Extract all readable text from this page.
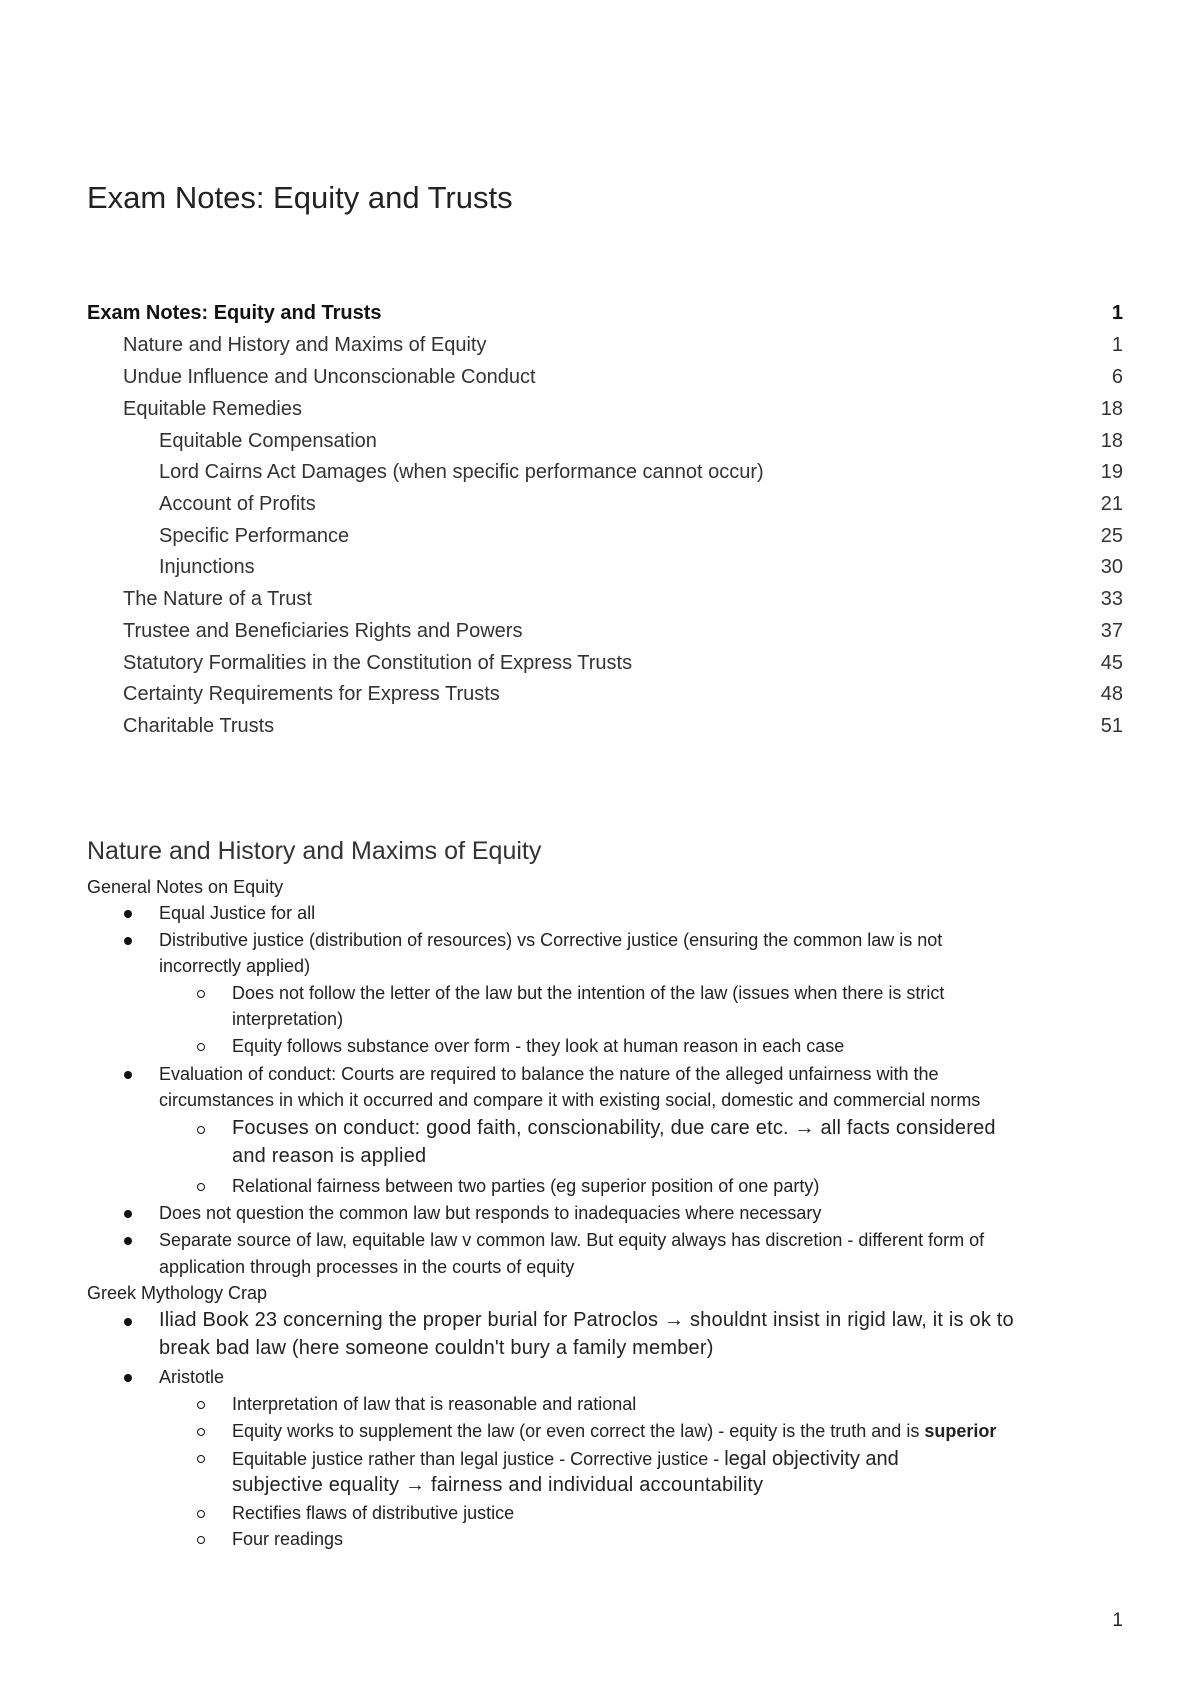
Exam Notes: Equity and Trusts
Exam Notes: Equity and Trusts	1
Nature and History and Maxims of Equity	1
Undue Influence and Unconscionable Conduct	6
Equitable Remedies	18
Equitable Compensation	18
Lord Cairns Act Damages (when specific performance cannot occur)	19
Account of Profits	21
Specific Performance	25
Injunctions	30
The Nature of a Trust	33
Trustee and Beneficiaries Rights and Powers	37
Statutory Formalities in the Constitution of Express Trusts	45
Certainty Requirements for Express Trusts	48
Charitable Trusts	51
Nature and History and Maxims of Equity
General Notes on Equity
Equal Justice for all
Distributive justice (distribution of resources) vs Corrective justice (ensuring the common law is not
incorrectly applied)
Does not follow the letter of the law but the intention of the law (issues when there is strict
interpretation)
Equity follows substance over form - they look at human reason in each case
Evaluation of conduct: Courts are required to balance the nature of the alleged unfairness with the
circumstances in which it occurred and compare it with existing social, domestic and commercial norms
Focuses on conduct: good faith, conscionability, due care etc. → all facts considered
and reason is applied
Relational fairness between two parties (eg superior position of one party)
Does not question the common law but responds to inadequacies where necessary
Separate source of law, equitable law v common law. But equity always has discretion - different form of
application through processes in the courts of equity
Greek Mythology Crap
Iliad Book 23 concerning the proper burial for Patroclos → shouldnt insist in rigid law, it is ok to
break bad law (here someone couldn't bury a family member)
Aristotle
Interpretation of law that is reasonable and rational
Equity works to supplement the law (or even correct the law) - equity is the truth and is superior
Equitable justice rather than legal justice - Corrective justice - legal objectivity and
subjective equality → fairness and individual accountability
Rectifies flaws of distributive justice
Four readings
1
